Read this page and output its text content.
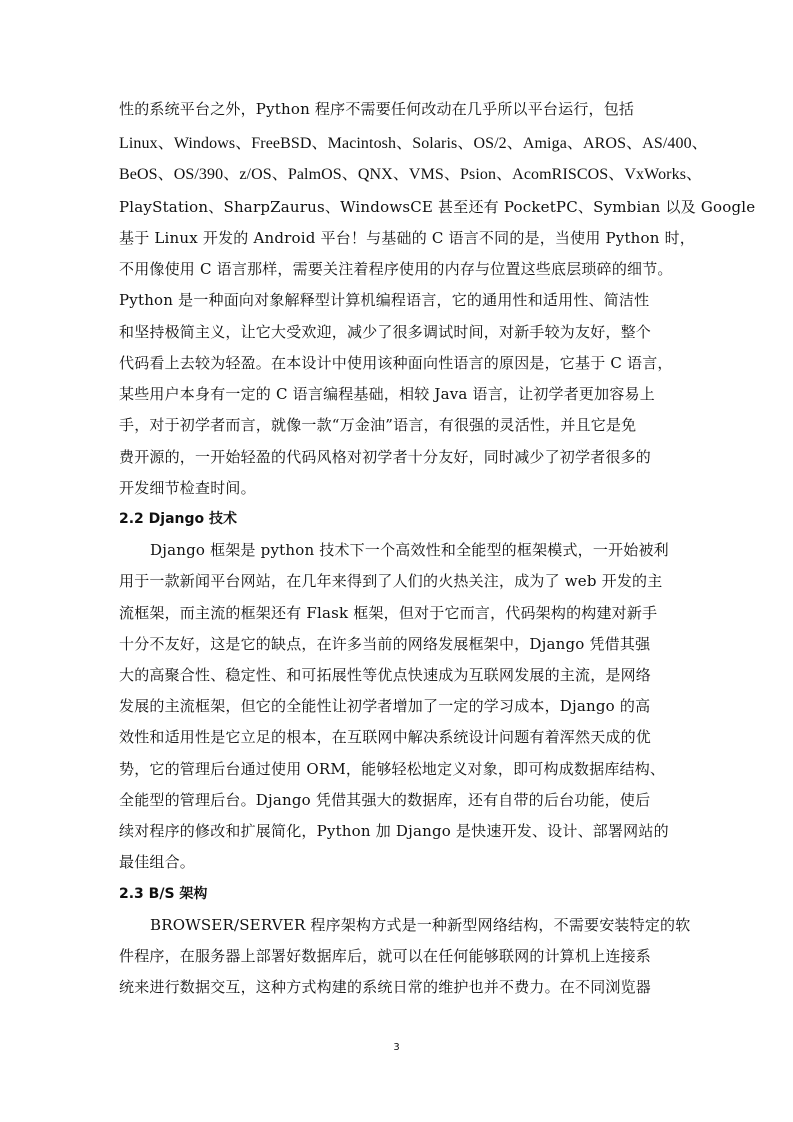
性的系统平台之外，Python 程序不需要任何改动在几乎所以平台运行，包括
Linux、Windows、FreeBSD、Macintosh、Solaris、OS/2、Amiga、AROS、AS/400、
BeOS、OS/390、z/OS、PalmOS、QNX、VMS、Psion、AcomRISCOS、VxWorks、
PlayStation、SharpZaurus、WindowsCE 甚至还有 PocketPC、Symbian 以及 Google
基于 Linux 开发的 Android 平台！与基础的 C 语言不同的是，当使用 Python 时，
不用像使用 C 语言那样，需要关注着程序使用的内存与位置这些底层琐碎的细节。
Python 是一种面向对象解释型计算机编程语言，它的通用性和适用性、简洁性
和坚持极简主义，让它大受欢迎，减少了很多调试时间，对新手较为友好，整个
代码看上去较为轻盈。在本设计中使用该种面向性语言的原因是，它基于 C 语言，
某些用户本身有一定的 C 语言编程基础，相较 Java 语言，让初学者更加容易上
手，对于初学者而言，就像一款“万金油”语言，有很强的灵活性，并且它是免
费开源的，一开始轻盈的代码风格对初学者十分友好，同时减少了初学者很多的
开发细节检查时间。
2.2 Django 技术
Django 框架是 python 技术下一个高效性和全能型的框架模式，一开始被利
用于一款新闻平台网站，在几年来得到了人们的火热关注，成为了 web 开发的主
流框架，而主流的框架还有 Flask 框架，但对于它而言，代码架构的构建对新手
十分不友好，这是它的缺点，在许多当前的网络发展框架中，Django 凭借其强
大的高聚合性、稳定性、和可拓展性等优点快速成为互联网发展的主流，是网络
发展的主流框架，但它的全能性让初学者增加了一定的学习成本，Django 的高
效性和适用性是它立足的根本，在互联网中解决系统设计问题有着浑然天成的优
势，它的管理后台通过使用 ORM，能够轻松地定义对象，即可构成数据库结构、
全能型的管理后台。Django 凭借其强大的数据库，还有自带的后台功能，使后
续对程序的修改和扩展简化，Python 加 Django 是快速开发、设计、部署网站的
最佳组合。
2.3 B/S 架构
BROWSER/SERVER 程序架构方式是一种新型网络结构，不需要安装特定的软
件程序，在服务器上部署好数据库后，就可以在任何能够联网的计算机上连接系
统来进行数据交互，这种方式构建的系统日常的维护也并不费力。在不同浏览器
3
